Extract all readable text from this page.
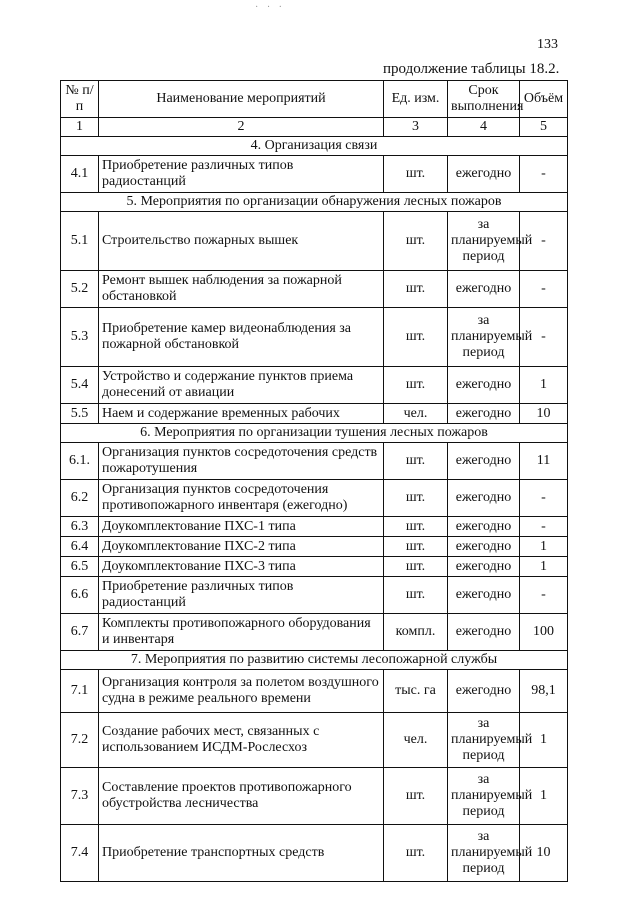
· · ·
133
продолжение таблицы 18.2.
№ п/п	Наименование мероприятий	Ед. изм.	Срок выполнения	Объём
1	2	3	4	5
4. Организация связи				
4.1	Приобретение различных типов радиостанций	шт.	ежегодно	-
5. Мероприятия по организации обнаружения лесных пожаров				
5.1	Строительство пожарных вышек	шт.	за планируемый период	-
5.2	Ремонт вышек наблюдения за пожарной обстановкой	шт.	ежегодно	-
5.3	Приобретение камер видеонаблюдения за пожарной обстановкой	шт.	за планируемый период	-
5.4	Устройство и содержание пунктов приема донесений от авиации	шт.	ежегодно	1
5.5	Наем и содержание временных рабочих	чел.	ежегодно	10
6. Мероприятия по организации тушения лесных пожаров				
6.1.	Организация пунктов сосредоточения средств пожаротушения	шт.	ежегодно	11
6.2	Организация пунктов сосредоточения противопожарного инвентаря (ежегодно)	шт.	ежегодно	-
6.3	Доукомплектование ПХС-1 типа	шт.	ежегодно	-
6.4	Доукомплектование ПХС-2 типа	шт.	ежегодно	1
6.5	Доукомплектование ПХС-3 типа	шт.	ежегодно	1
6.6	Приобретение различных типов радиостанций	шт.	ежегодно	-
6.7	Комплекты противопожарного оборудования и инвентаря	компл.	ежегодно	100
7. Мероприятия по развитию системы лесопожарной службы				
7.1	Организация контроля за полетом воздушного судна в режиме реального времени	тыс. га	ежегодно	98,1
7.2	Создание рабочих мест, связанных с использованием ИСДМ-Рослесхоз	чел.	за планируемый период	1
7.3	Составление проектов противопожарного обустройства лесничества	шт.	за планируемый период	1
7.4	Приобретение транспортных средств	шт.	за планируемый период	10
